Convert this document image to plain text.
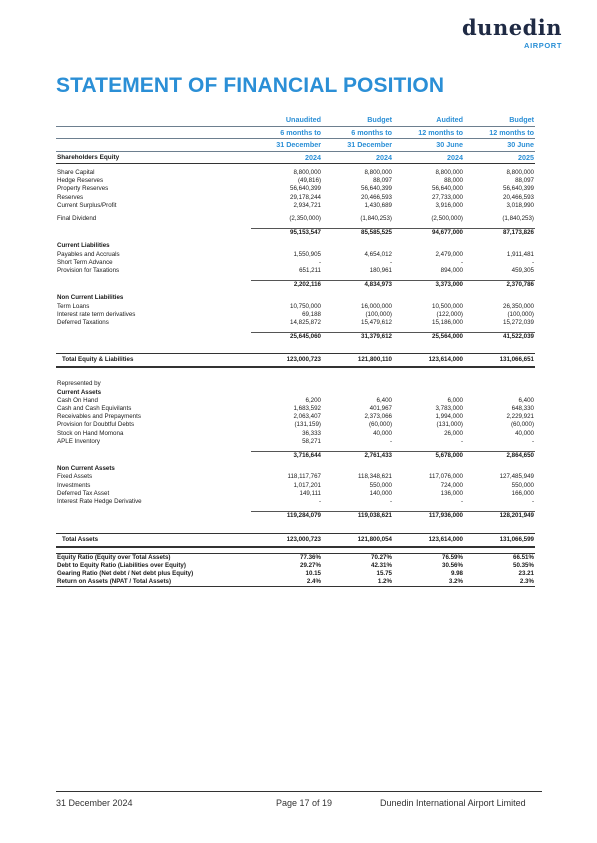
dunedin
AIRPORT
STATEMENT OF FINANCIAL POSITION
	Unaudited	Budget	Audited	Budget
	6 months to	6 months to	12 months to	12 months to
	31 December	31 December	30 June	30 June
Shareholders Equity	2024	2024	2024	2025

Share Capital	8,800,000	8,800,000	8,800,000	8,800,000
Hedge Reserves	(49,816)	88,097	88,000	88,097
Property Reserves	56,640,399	56,640,399	56,640,000	56,640,399
Reserves	29,178,244	20,466,593	27,733,000	20,466,593
Current Surplus/Profit	2,934,721	1,430,689	3,916,000	3,018,990

Final Dividend	(2,350,000)	(1,840,253)	(2,500,000)	(1,840,253)

	95,153,547	85,585,525	94,677,000	87,173,826

Current Liabilities				
Payables and Accruals	1,550,905	4,654,012	2,479,000	1,911,481
Short Term Advance	-	-	-	-
Provision for Taxations	651,211	180,961	894,000	459,305

	2,202,116	4,834,973	3,373,000	2,370,786

Non Current Liabilities				
Term Loans	10,750,000	16,000,000	10,500,000	26,350,000
Interest rate term derivatives	69,188	(100,000)	(122,000)	(100,000)
Deferred Taxations	14,825,872	15,479,612	15,186,000	15,272,039

	25,645,060	31,379,612	25,564,000	41,522,039

Total Equity & Liabilities	123,000,723	121,800,110	123,614,000	131,066,651

Represented by				
Current Assets				
Cash On Hand	6,200	6,400	6,000	6,400
Cash and Cash Equivilants	1,683,592	401,967	3,783,000	648,330
Receivables and Prepayments	2,063,407	2,373,066	1,994,000	2,229,921
Provision for Doubtful Debts	(131,159)	(60,000)	(131,000)	(60,000)
Stock on Hand Momona	36,333	40,000	26,000	40,000
APLE Inventory	58,271	-	-	-

	3,716,644	2,761,433	5,678,000	2,864,650

Non Current Assets				
Fixed Assets	118,117,767	118,348,621	117,076,000	127,485,949
Investments	1,017,201	550,000	724,000	550,000
Deferred Tax Asset	149,111	140,000	136,000	166,000
Interest Rate Hedge Derivative	-	-	-	-

	119,284,079	119,038,621	117,936,000	128,201,949

Total Assets	123,000,723	121,800,054	123,614,000	131,066,599

Equity Ratio (Equity over Total Assets)	77.36%	70.27%	76.59%	66.51%
Debt to Equity Ratio (Liabilities over Equity)	29.27%	42.31%	30.56%	50.35%
Gearing Ratio (Net debt / Net debt plus Equity)	10.15	15.75	9.98	23.21
Return on Assets (NPAT / Total Assets)	2.4%	1.2%	3.2%	2.3%
31 December 2024	Page 17 of 19	Dunedin International Airport Limited
